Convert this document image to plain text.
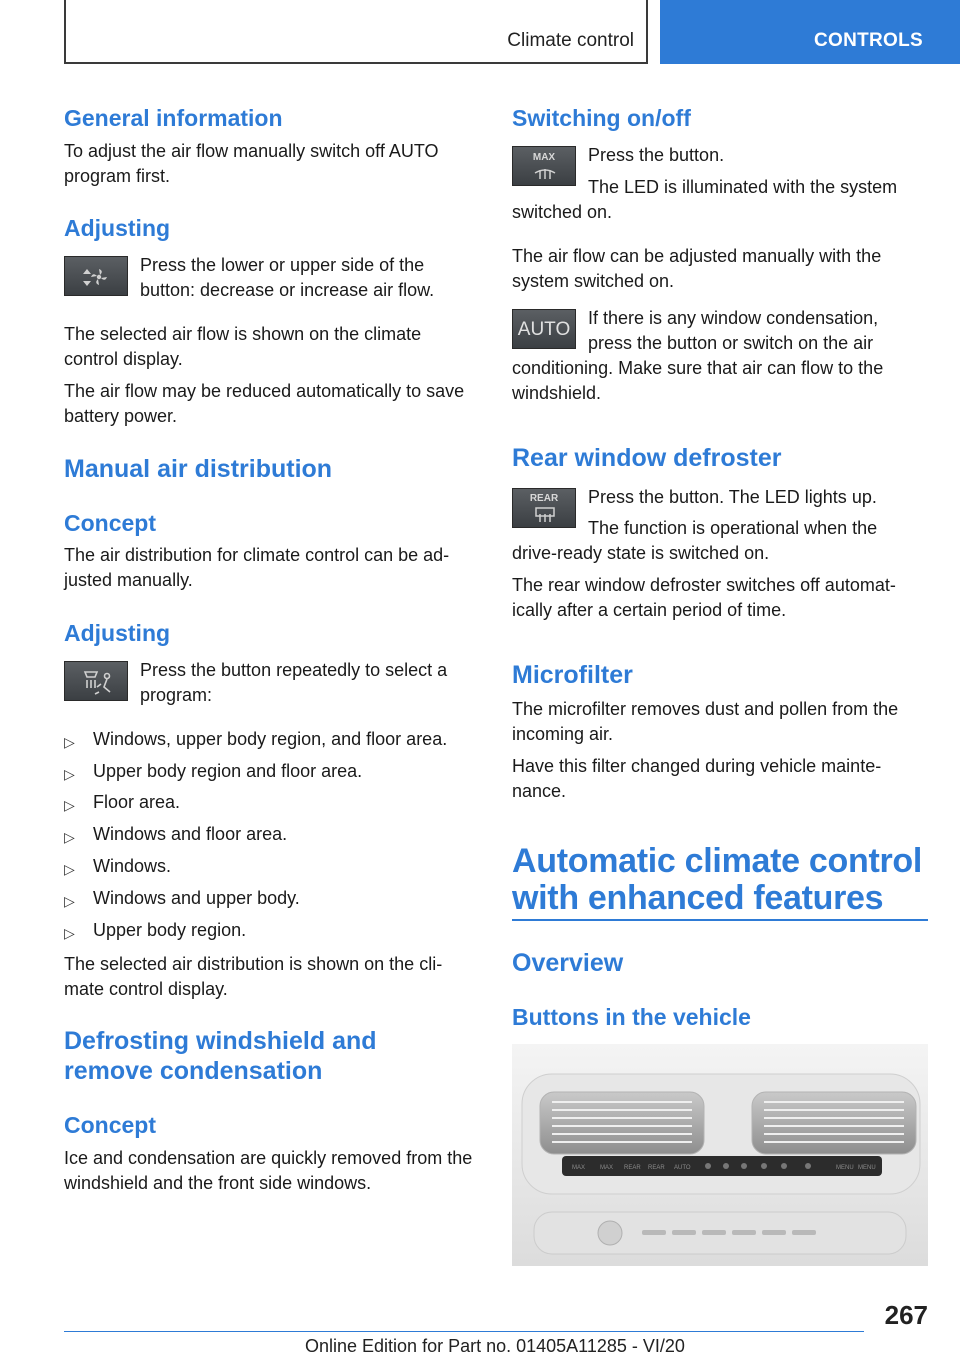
Climate control	CONTROLS
General information
To adjust the air flow manually switch off AUTO program first.
Adjusting
Press the lower or upper side of the button: decrease or increase air flow.
The selected air flow is shown on the climate control display.
The air flow may be reduced automatically to save battery power.
Manual air distribution
Concept
The air distribution for climate control can be ad‐justed manually.
Adjusting
Press the button repeatedly to select a program:
▷ Windows, upper body region, and floor area.
▷ Upper body region and floor area.
▷ Floor area.
▷ Windows and floor area.
▷ Windows.
▷ Windows and upper body.
▷ Upper body region.
The selected air distribution is shown on the cli‐mate control display.
Defrosting windshield and
remove condensation
Concept
Ice and condensation are quickly removed from the windshield and the front side windows.
Switching on/off
MAX	Press the button.
The LED is illuminated with the system
switched on.
The air flow can be adjusted manually with the system switched on.
AUTO
If there is any window condensation,
press the button or switch on the air
conditioning. Make sure that air can flow to the windshield.
Rear window defroster
REAR	Press the button. The LED lights up.
The function is operational when the
drive-ready state is switched on.
The rear window defroster switches off automat‐ically after a certain period of time.
Microfilter
The microfilter removes dust and pollen from the incoming air.
Have this filter changed during vehicle mainte‐nance.
Automatic climate control
with enhanced features
Overview
Buttons in the vehicle
MAX MAX REAR REAR AUTO	MENU MENU
267
Online Edition for Part no. 01405A11285 - VI/20
